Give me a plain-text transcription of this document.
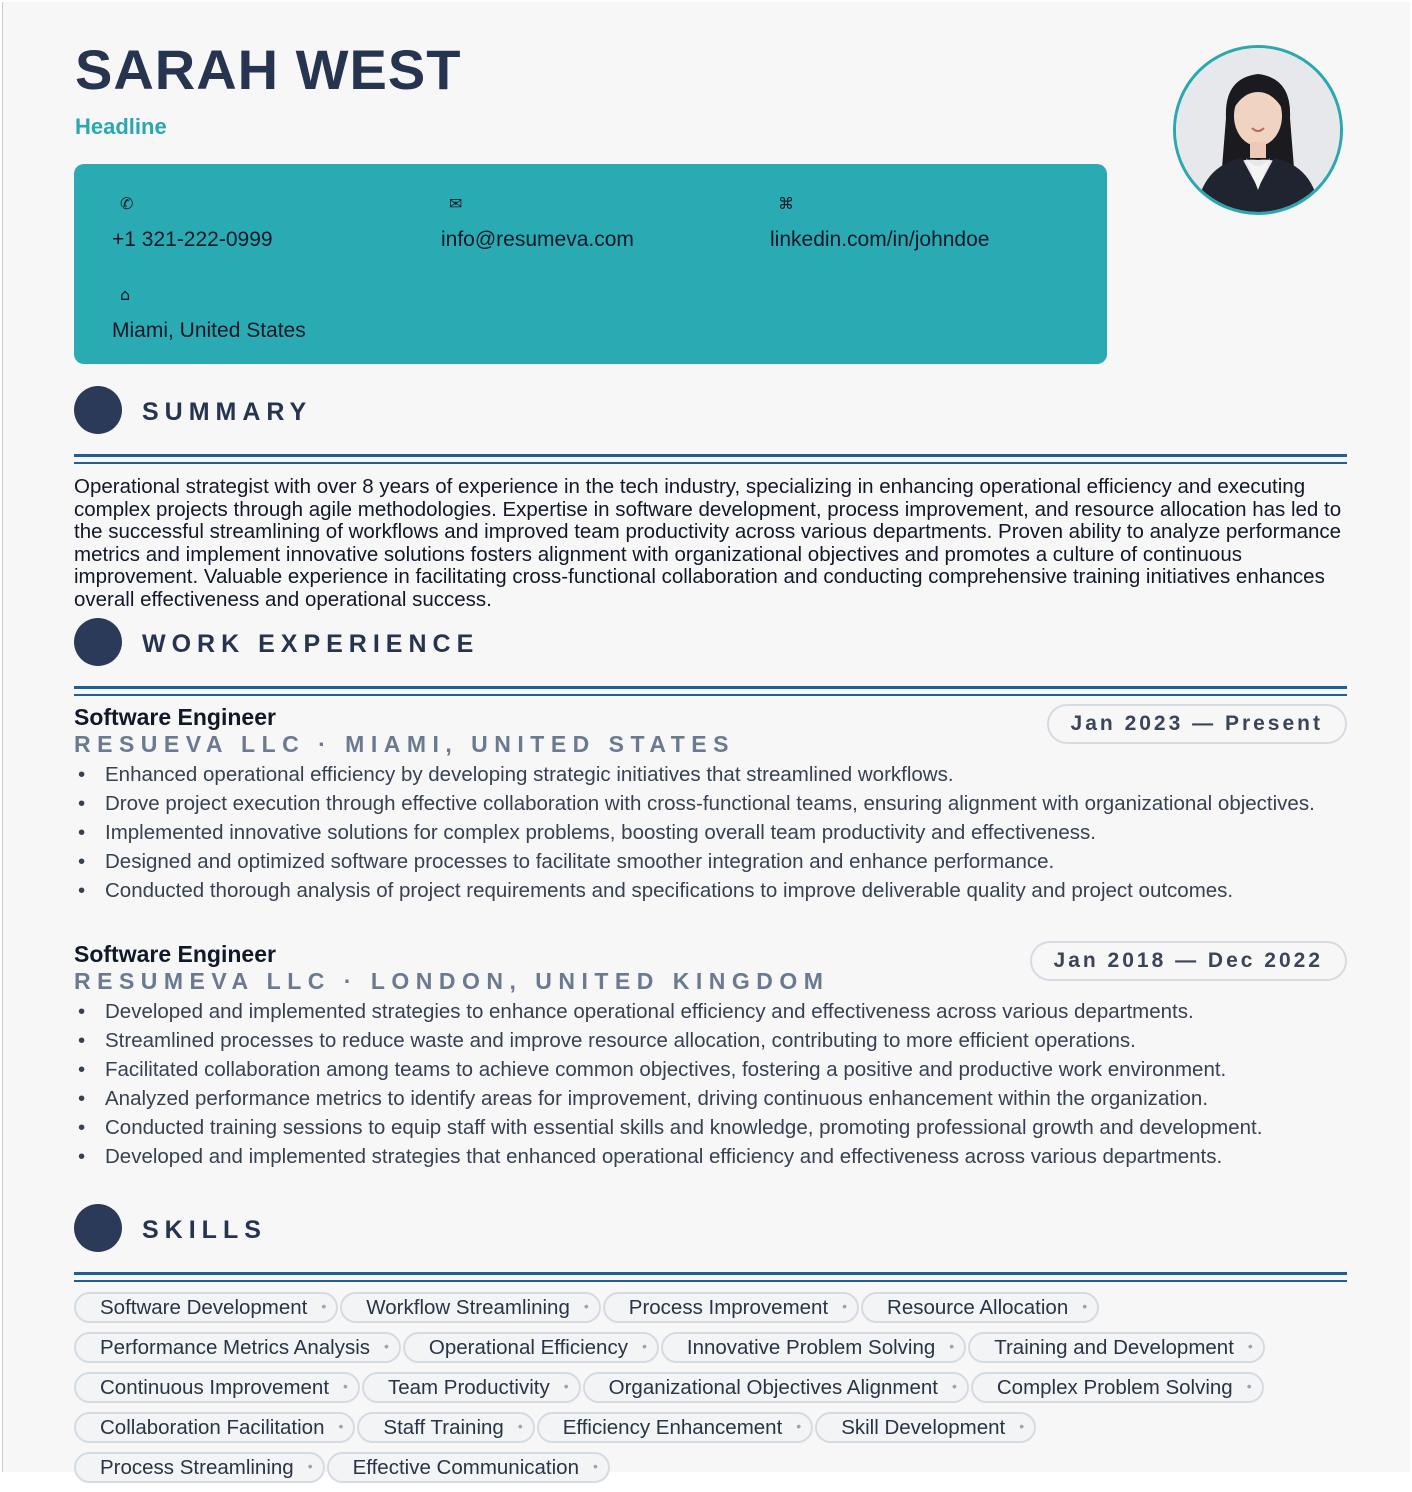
SARAH WEST
Headline
✆
+1 321-222-0999
✉
info@resumeva.com
⌘
linkedin.com/in/johndoe
⌂
Miami, United States
SUMMARY
Operational strategist with over 8 years of experience in the tech industry, specializing in enhancing operational efficiency and executing complex projects through agile methodologies. Expertise in software development, process improvement, and resource allocation has led to the successful streamlining of workflows and improved team productivity across various departments. Proven ability to analyze performance metrics and implement innovative solutions fosters alignment with organizational objectives and promotes a culture of continuous improvement. Valuable experience in facilitating cross-functional collaboration and conducting comprehensive training initiatives enhances overall effectiveness and operational success.
WORK EXPERIENCE
Software Engineer
RESUEVA LLC · MIAMI, UNITED STATES
Jan 2023 — Present
• Enhanced operational efficiency by developing strategic initiatives that streamlined workflows.
• Drove project execution through effective collaboration with cross-functional teams, ensuring alignment with organizational objectives.
• Implemented innovative solutions for complex problems, boosting overall team productivity and effectiveness.
• Designed and optimized software processes to facilitate smoother integration and enhance performance.
• Conducted thorough analysis of project requirements and specifications to improve deliverable quality and project outcomes.
Software Engineer
RESUMEVA LLC · LONDON, UNITED KINGDOM
Jan 2018 — Dec 2022
• Developed and implemented strategies to enhance operational efficiency and effectiveness across various departments.
• Streamlined processes to reduce waste and improve resource allocation, contributing to more efficient operations.
• Facilitated collaboration among teams to achieve common objectives, fostering a positive and productive work environment.
• Analyzed performance metrics to identify areas for improvement, driving continuous enhancement within the organization.
• Conducted training sessions to equip staff with essential skills and knowledge, promoting professional growth and development.
• Developed and implemented strategies that enhanced operational efficiency and effectiveness across various departments.
SKILLS
Software Development •	Workflow Streamlining •	Process Improvement •	Resource Allocation •
Performance Metrics Analysis •	Operational Efficiency •	Innovative Problem Solving •	Training and Development •
Continuous Improvement •	Team Productivity •	Organizational Objectives Alignment •	Complex Problem Solving •
Collaboration Facilitation •	Staff Training •	Efficiency Enhancement •	Skill Development •
Process Streamlining •	Effective Communication •
